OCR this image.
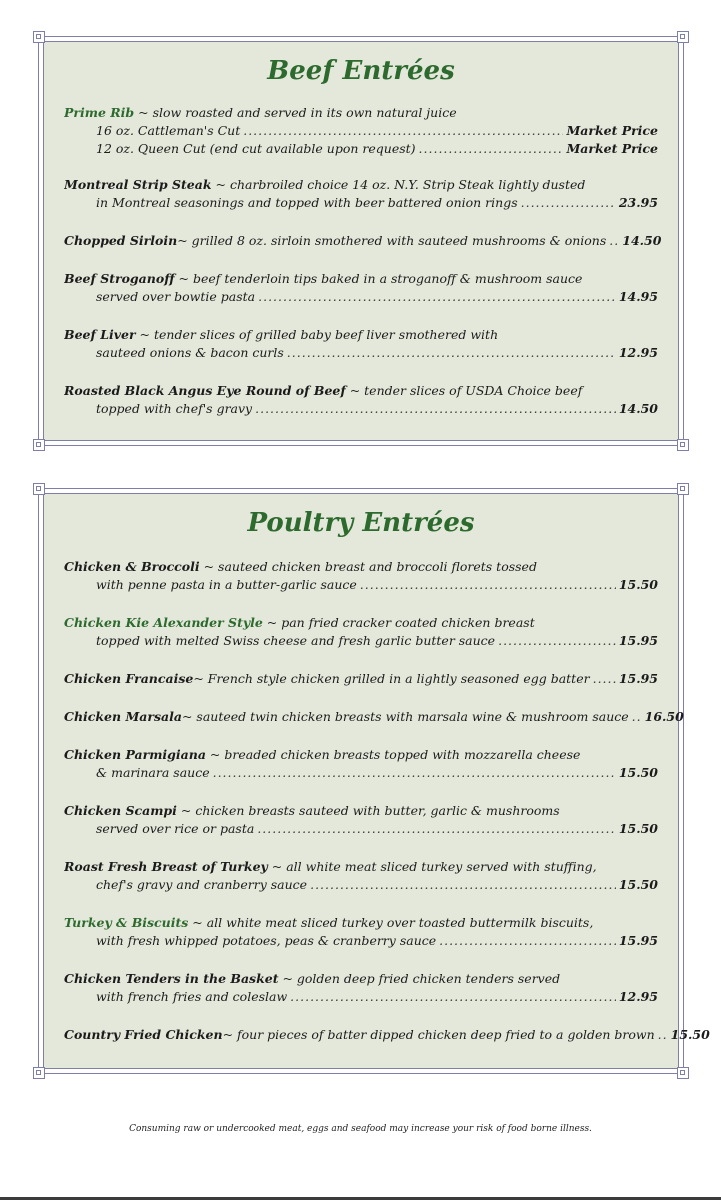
Beef Entrées
Prime Rib ~ slow roasted and served in its own natural juice
16 oz. Cattleman's Cut .....	Market Price
12 oz. Queen Cut (end cut available upon request) .....	Market Price
Montreal Strip Steak ~ charbroiled choice 14 oz. N.Y. Strip Steak lightly dusted
in Montreal seasonings and topped with beer battered onion rings .....	23.95
Chopped Sirloin ~ grilled 8 oz. sirloin smothered with sauteed mushrooms & onions ..... 14.50
Beef Stroganoff ~ beef tenderloin tips baked in a stroganoff & mushroom sauce
served over bowtie pasta .....	14.95
Beef Liver ~ tender slices of grilled baby beef liver smothered with
sauteed onions & bacon curls .....	12.95
Roasted Black Angus Eye Round of Beef ~ tender slices of USDA Choice beef
topped with chef's gravy .....	14.50
Poultry Entrées
Chicken & Broccoli ~ sauteed chicken breast and broccoli florets tossed
with penne pasta in a butter-garlic sauce .....	15.50
Chicken Kie Alexander Style ~ pan fried cracker coated chicken breast
topped with melted Swiss cheese and fresh garlic butter sauce .....	15.95
Chicken Francaise ~ French style chicken grilled in a lightly seasoned egg batter ..... 15.95
Chicken Marsala ~ sauteed twin chicken breasts with marsala wine & mushroom sauce ..... 16.50
Chicken Parmigiana ~ breaded chicken breasts topped with mozzarella cheese
& marinara sauce .....	15.50
Chicken Scampi ~ chicken breasts sauteed with butter, garlic & mushrooms
served over rice or pasta .....	15.50
Roast Fresh Breast of Turkey ~ all white meat sliced turkey served with stuffing,
chef's gravy and cranberry sauce .....	15.50
Turkey & Biscuits ~ all white meat sliced turkey over toasted buttermilk biscuits,
with fresh whipped potatoes, peas & cranberry sauce .....	15.95
Chicken Tenders in the Basket ~ golden deep fried chicken tenders served
with french fries and coleslaw .....	12.95
Country Fried Chicken ~ four pieces of batter dipped chicken deep fried to a golden brown ..... 15.50
Consuming raw or undercooked meat, eggs and seafood may increase your risk of food borne illness.
